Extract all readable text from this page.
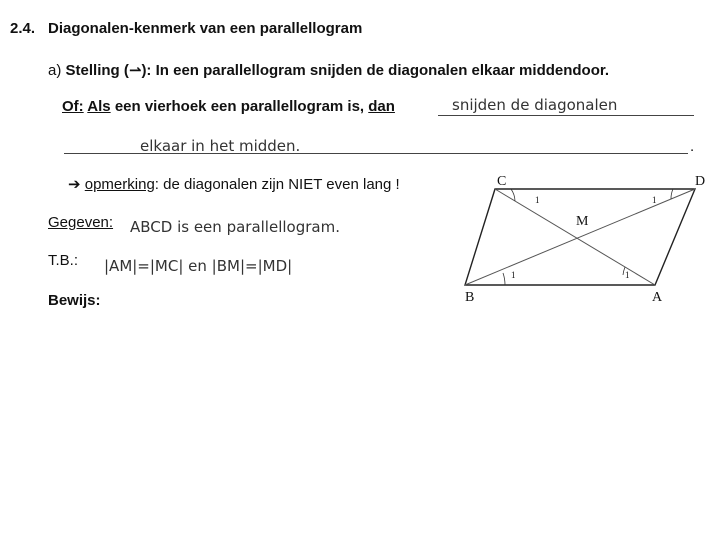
2.4. Diagonalen-kenmerk van een parallellogram
a) Stelling (⇀): In een parallellogram snijden de diagonalen elkaar middendoor.
Of: Als een vierhoek een parallellogram is, dan	snijden de diagonalen
elkaar in het midden.	.
➔ opmerking: de diagonalen zijn NIET even lang !
Gegeven: ABCD is een parallellogram.
T.B.: |AM|=|MC| en |BM|=|MD|
Bewijs:
1	1
1	1
C	D
M
B	A
